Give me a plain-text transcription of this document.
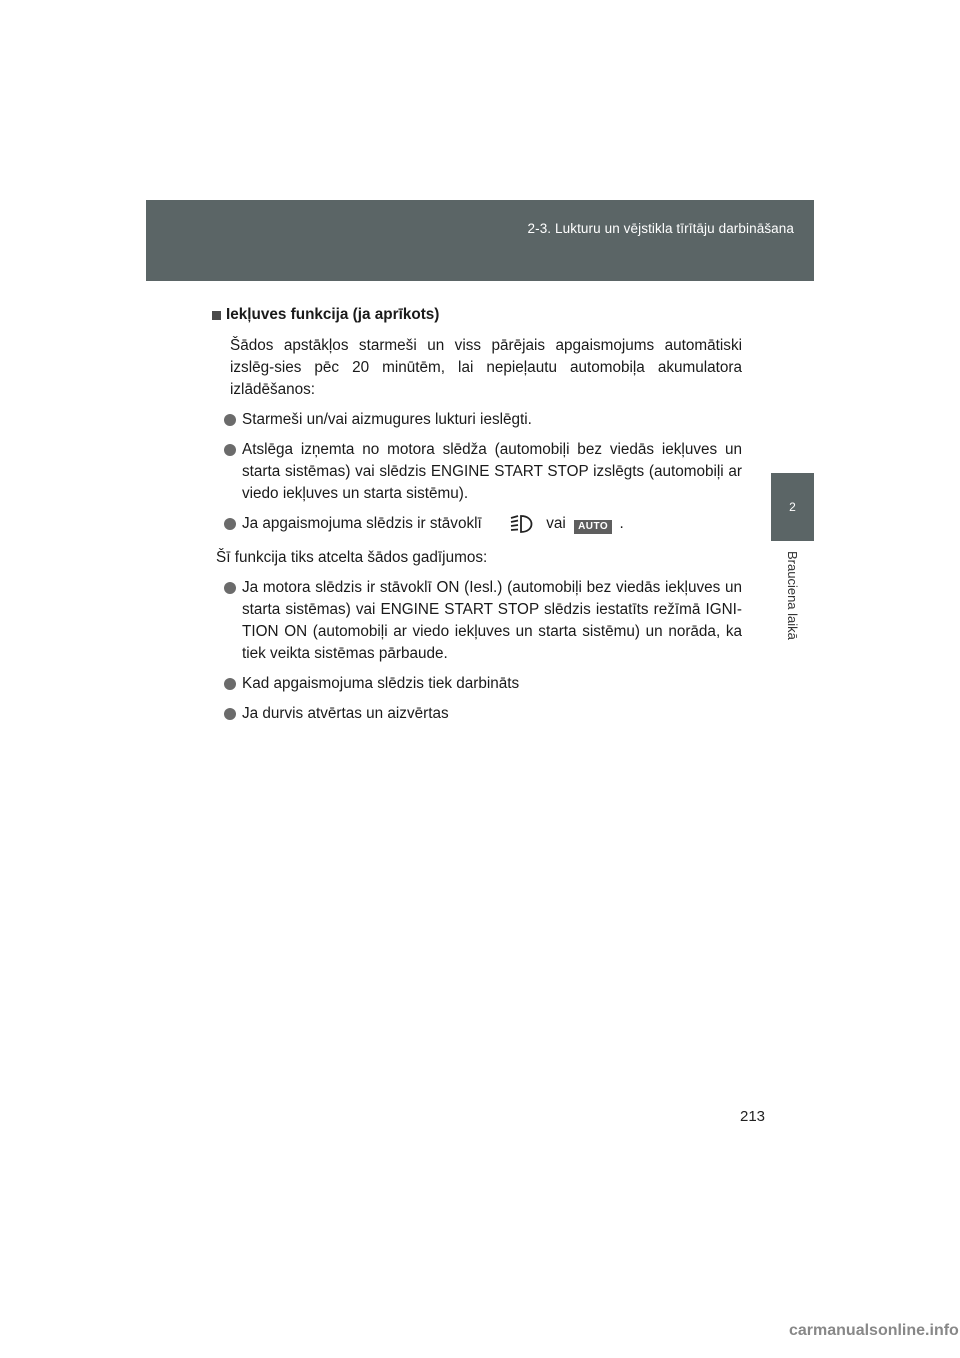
2-3. Lukturu un vējstikla tīrītāju darbināšana
2
Brauciena laikā
Iekļuves funkcija (ja aprīkots)
Šādos apstākļos starmeši un viss pārējais apgaismojums automātiski izslēg-sies pēc 20 minūtēm, lai nepieļautu automobiļa akumulatora izlādēšanos:
Starmeši un/vai aizmugures lukturi ieslēgti.
Atslēga izņemta no motora slēdža (automobiļi bez viedās iekļuves un starta sistēmas) vai slēdzis ENGINE START STOP izslēgts (automobiļi ar viedo iekļuves un starta sistēmu).
Ja apgaismojuma slēdzis ir stāvoklī	vai AUTO .
Šī funkcija tiks atcelta šādos gadījumos:
Ja motora slēdzis ir stāvoklī ON (Iesl.) (automobiļi bez viedās iekļuves un starta sistēmas) vai ENGINE START STOP slēdzis iestatīts režīmā IGNI-TION ON (automobiļi ar viedo iekļuves un starta sistēmu) un norāda, ka tiek veikta sistēmas pārbaude.
Kad apgaismojuma slēdzis tiek darbināts
Ja durvis atvērtas un aizvērtas
213
carmanualsonline.info
